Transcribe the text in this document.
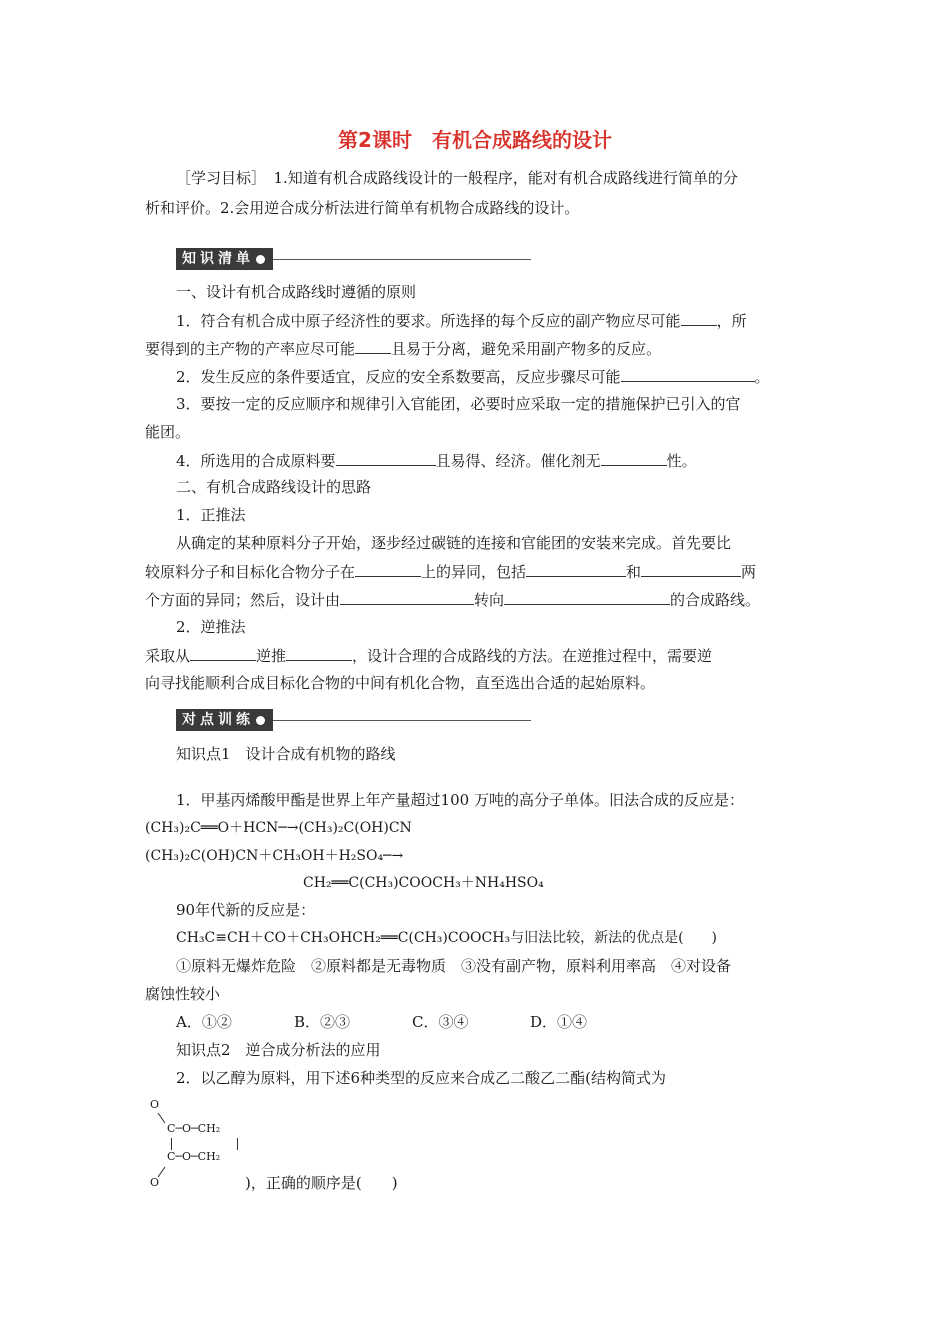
第2课时　有机合成路线的设计
［学习目标］　1.知道有机合成路线设计的一般程序，能对有机合成路线进行简单的分
析和评价。2.会用逆合成分析法进行简单有机物合成路线的设计。
知识清单
一、设计有机合成路线时遵循的原则
1．符合有机合成中原子经济性的要求。所选择的每个反应的副产物应尽可能 ，所
要得到的主产物的产率应尽可能 且易于分离，避免采用副产物多的反应。
2．发生反应的条件要适宜，反应的安全系数要高，反应步骤尽可能	。
3．要按一定的反应顺序和规律引入官能团，必要时应采取一定的措施保护已引入的官
能团。
4．所选用的合成原料要	且易得、经济。催化剂无	性。
二、有机合成路线设计的思路
1．正推法
从确定的某种原料分子开始，逐步经过碳链的连接和官能团的安装来完成。首先要比
较原料分子和目标化合物分子在	上的异同，包括	和	两
个方面的异同；然后，设计由	转向	的合成路线。
2．逆推法
采取从	逆推	，设计合理的合成路线的方法。在逆推过程中，需要逆
向寻找能顺利合成目标化合物的中间有机化合物，直至选出合适的起始原料。
对点训练
知识点1　设计合成有机物的路线
1．甲基丙烯酸甲酯是世界上年产量超过100 万吨的高分子单体。旧法合成的反应是：
(CH₃)₂C══O＋HCN─→(CH₃)₂C(OH)CN
(CH₃)₂C(OH)CN＋CH₃OH＋H₂SO₄─→
CH₂══C(CH₃)COOCH₃＋NH₄HSO₄
90年代新的反应是：
CH₃C≡CH＋CO＋CH₃OHCH₂══C(CH₃)COOCH₃与旧法比较，新法的优点是(　　)
①原料无爆炸危险　②原料都是无毒物质　③没有副产物，原料利用率高　④对设备
腐蚀性较小
A．①②	B．②③	C．③④	D．①④
知识点2　逆合成分析法的应用
2．以乙醇为原料，用下述6种类型的反应来合成乙二酸乙二酯(结构简式为
O
C─O─CH₂
C─O─CH₂
O	)，正确的顺序是(　　)
